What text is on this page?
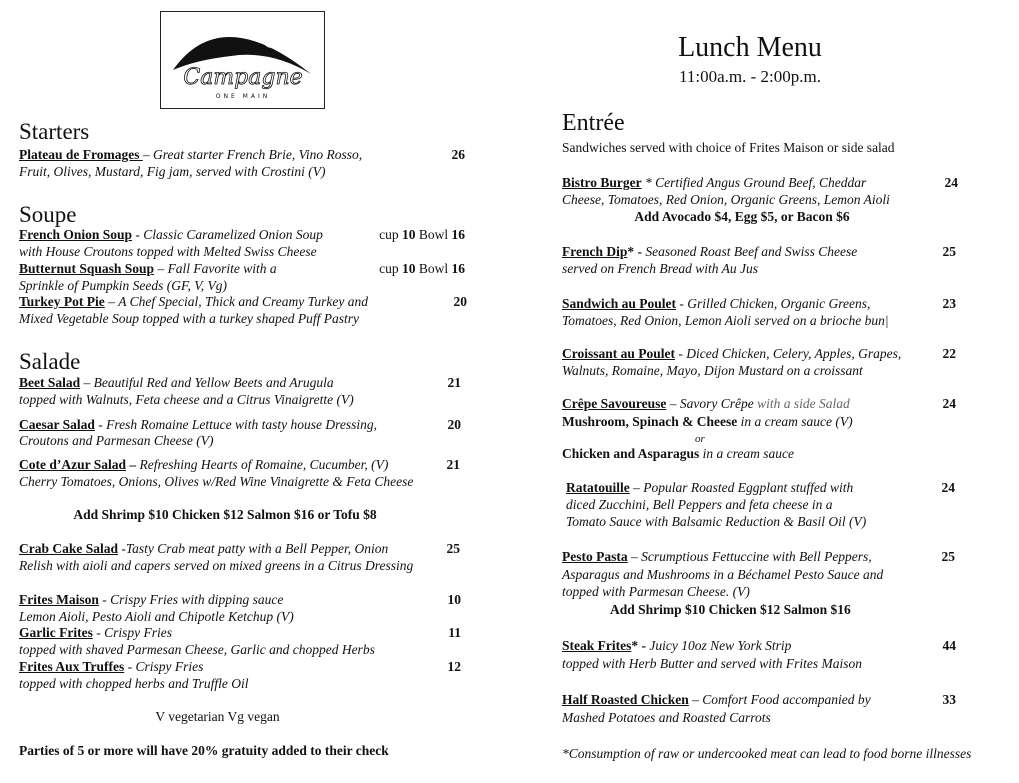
Campagne
ONE MAIN
Starters
Plateau de Fromages – Great starter French Brie, Vino Rosso,
Fruit, Olives, Mustard, Fig jam, served with Crostini (V)
26
Soupe
French Onion Soup - Classic Caramelized Onion Soup
with House Croutons topped with Melted Swiss Cheese
cup 10 Bowl 16
Butternut Squash Soup – Fall Favorite with a
Sprinkle of Pumpkin Seeds (GF, V, Vg)
cup 10 Bowl 16
Turkey Pot Pie – A Chef Special, Thick and Creamy Turkey and
Mixed Vegetable Soup topped with a turkey shaped Puff Pastry
20
Salade
Beet Salad – Beautiful Red and Yellow Beets and Arugula
topped with Walnuts, Feta cheese and a Citrus Vinaigrette (V)
21
Caesar Salad - Fresh Romaine Lettuce with tasty house Dressing,
Croutons and Parmesan Cheese (V)
20
Cote d’Azur Salad – Refreshing Hearts of Romaine, Cucumber, (V)
Cherry Tomatoes, Onions, Olives w/Red Wine Vinaigrette & Feta Cheese
21
Add Shrimp $10 Chicken $12 Salmon $16 or Tofu $8
Crab Cake Salad -Tasty Crab meat patty with a Bell Pepper, Onion
Relish with aioli and capers served on mixed greens in a Citrus Dressing
25
Frites Maison - Crispy Fries with dipping sauce
Lemon Aioli, Pesto Aioli and Chipotle Ketchup (V)
10
Garlic Frites - Crispy Fries
topped with shaved Parmesan Cheese, Garlic and chopped Herbs
11
Frites Aux Truffes - Crispy Fries
topped with chopped herbs and Truffle Oil
12
V vegetarian Vg vegan
Parties of 5 or more will have 20% gratuity added to their check
Lunch Menu
11:00a.m. - 2:00p.m.
Entrée
Sandwiches served with choice of Frites Maison or side salad
Bistro Burger * Certified Angus Ground Beef, Cheddar
Cheese, Tomatoes, Red Onion, Organic Greens, Lemon Aioli
Add Avocado $4, Egg $5, or Bacon $6
24
French Dip* - Seasoned Roast Beef and Swiss Cheese
served on French Bread with Au Jus
25
Sandwich au Poulet - Grilled Chicken, Organic Greens,
Tomatoes, Red Onion, Lemon Aioli served on a brioche bun|
23
Croissant au Poulet - Diced Chicken, Celery, Apples, Grapes,
Walnuts, Romaine, Mayo, Dijon Mustard on a croissant
22
Crêpe Savoureuse – Savory Crêpe with a side Salad
Mushroom, Spinach & Cheese in a cream sauce (V)
or
Chicken and Asparagus in a cream sauce
24
Ratatouille – Popular Roasted Eggplant stuffed with
diced Zucchini, Bell Peppers and feta cheese in a
Tomato Sauce with Balsamic Reduction & Basil Oil (V)
24
Pesto Pasta – Scrumptious Fettuccine with Bell Peppers,
Asparagus and Mushrooms in a Béchamel Pesto Sauce and
topped with Parmesan Cheese. (V)
Add Shrimp $10 Chicken $12 Salmon $16
25
Steak Frites* - Juicy 10oz New York Strip
topped with Herb Butter and served with Frites Maison
44
Half Roasted Chicken – Comfort Food accompanied by
Mashed Potatoes and Roasted Carrots
33
*Consumption of raw or undercooked meat can lead to food borne illnesses
